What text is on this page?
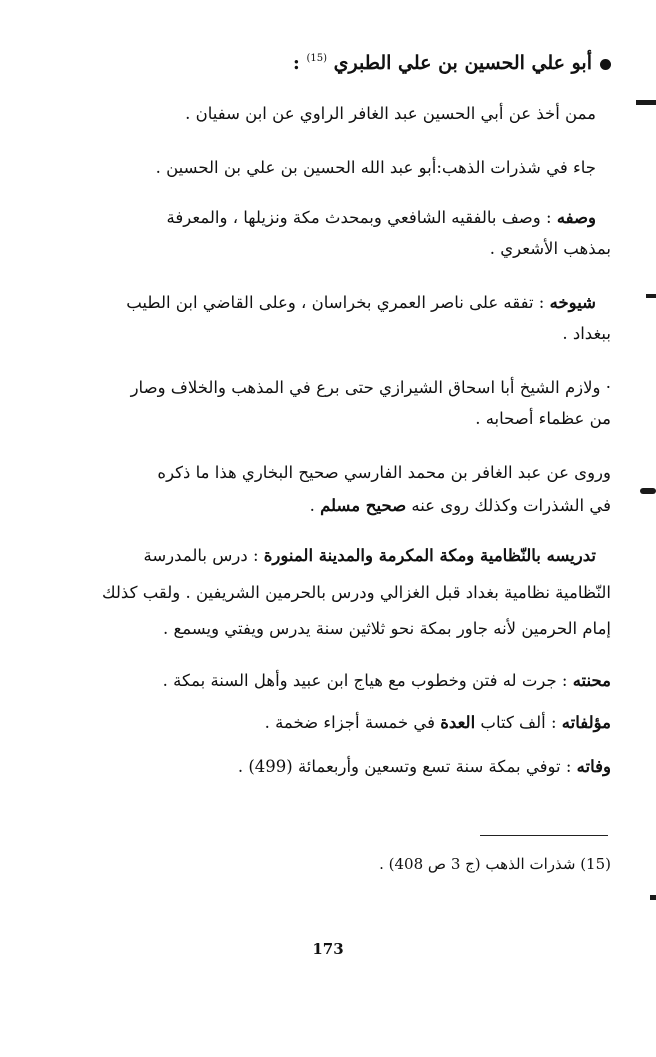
أبو علي الحسين بن علي الطبري $^{(15)}$ :
ممن أخذ عن أبي الحسين عبد الغافر الراوي عن ابن سفيان .
جاء في شذرات الذهب:أبو عبد الله الحسين بن علي بن الحسين .
وصفه : وصف بالفقيه الشافعي وبمحدث مكة ونزيلها ، والمعرفة
بمذهب الأشعري .
شيوخه : تفقه على ناصر العمري بخراسان ، وعلى القاضي ابن الطيب
ببغداد .
· ولازم الشيخ أبا اسحاق الشيرازي حتى برع في المذهب والخلاف وصار
من عظماء أصحابه .
وروى عن عبد الغافر بن محمد الفارسي صحيح البخاري هذا ما ذكره
في الشذرات وكذلك روى عنه صحيح مسلم .
تدريسه بالنّظامية ومكة المكرمة والمدينة المنورة : درس بالمدرسة
النّظامية نظامية بغداد قبل الغزالي ودرس بالحرمين الشريفين . ولقب كذلك
إمام الحرمين لأنه جاور بمكة نحو ثلاثين سنة يدرس ويفتي ويسمع .
محنته : جرت له فتن وخطوب مع هياج ابن عبيد وأهل السنة بمكة .
مؤلفاته : ألف كتاب العدة في خمسة أجزاء ضخمة .
وفاته : توفي بمكة سنة تسع وتسعين وأربعمائة (499) .
(15) شذرات الذهب (ج 3 ص 408) .
173
